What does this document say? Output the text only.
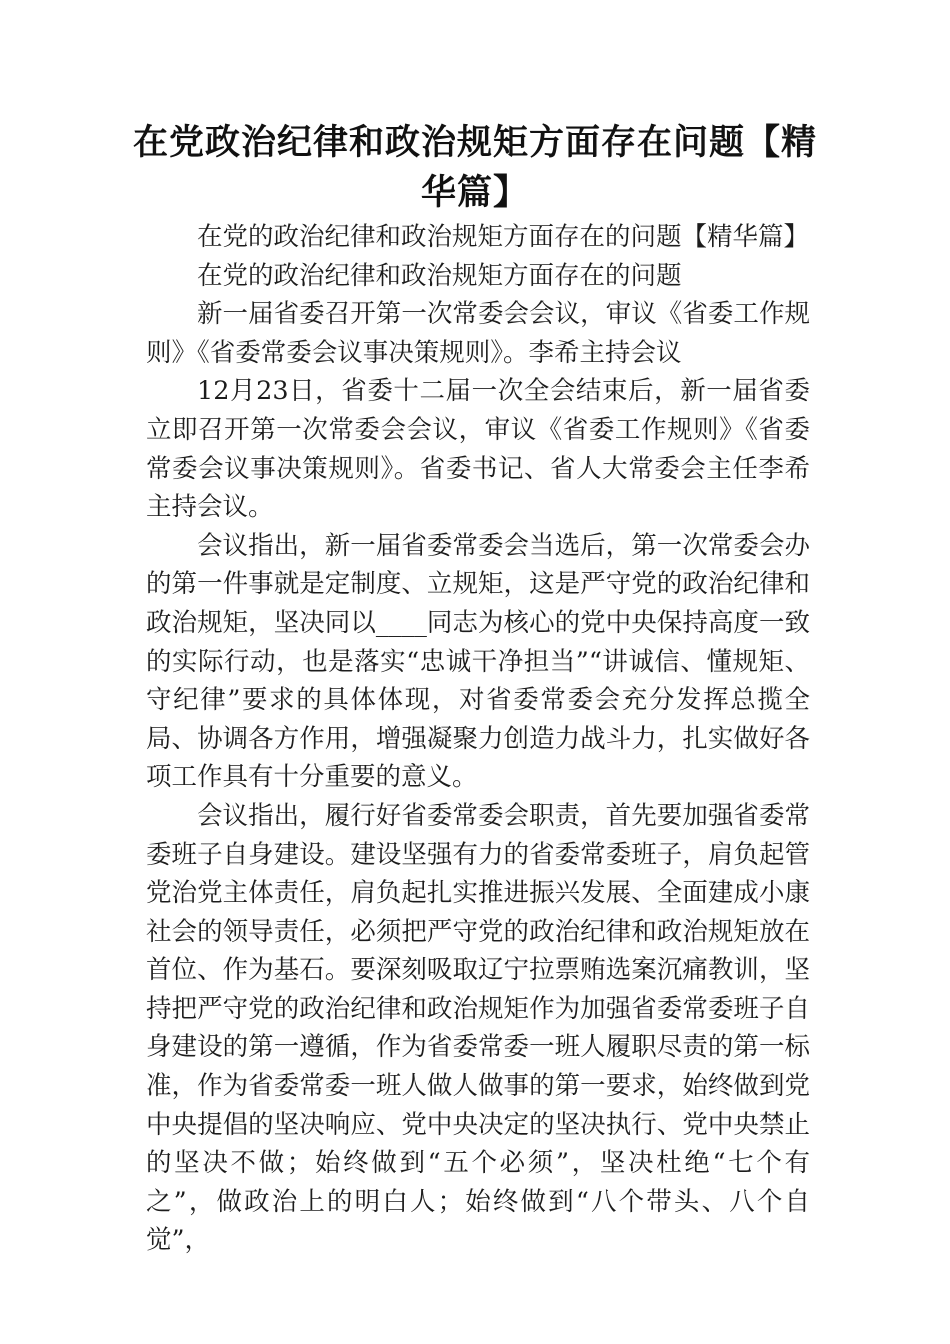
在党政治纪律和政治规矩方面存在问题【精华篇】

在党的政治纪律和政治规矩方面存在的问题【精华篇】

在党的政治纪律和政治规矩方面存在的问题

新一届省委召开第一次常委会会议，审议《省委工作规则》《省委常委会议事决策规则》。李希主持会议

12月23日，省委十二届一次全会结束后，新一届省委立即召开第一次常委会会议，审议《省委工作规则》《省委常委会议事决策规则》。省委书记、省人大常委会主任李希主持会议。

会议指出，新一届省委常委会当选后，第一次常委会办的第一件事就是定制度、立规矩，这是严守党的政治纪律和政治规矩，坚决同以____同志为核心的党中央保持高度一致的实际行动，也是落实“忠诚干净担当”“讲诚信、懂规矩、守纪律”要求的具体体现，对省委常委会充分发挥总揽全局、协调各方作用，增强凝聚力创造力战斗力，扎实做好各项工作具有十分重要的意义。

会议指出，履行好省委常委会职责，首先要加强省委常委班子自身建设。建设坚强有力的省委常委班子，肩负起管党治党主体责任，肩负起扎实推进振兴发展、全面建成小康社会的领导责任，必须把严守党的政治纪律和政治规矩放在首位、作为基石。要深刻吸取辽宁拉票贿选案沉痛教训，坚持把严守党的政治纪律和政治规矩作为加强省委常委班子自身建设的第一遵循，作为省委常委一班人履职尽责的第一标准，作为省委常委一班人做人做事的第一要求，始终做到党中央提倡的坚决响应、党中央决定的坚决执行、党中央禁止的坚决不做；始终做到“五个必须”，坚决杜绝“七个有之”，做政治上的明白人；始终做到“八个带头、八个自觉”，
